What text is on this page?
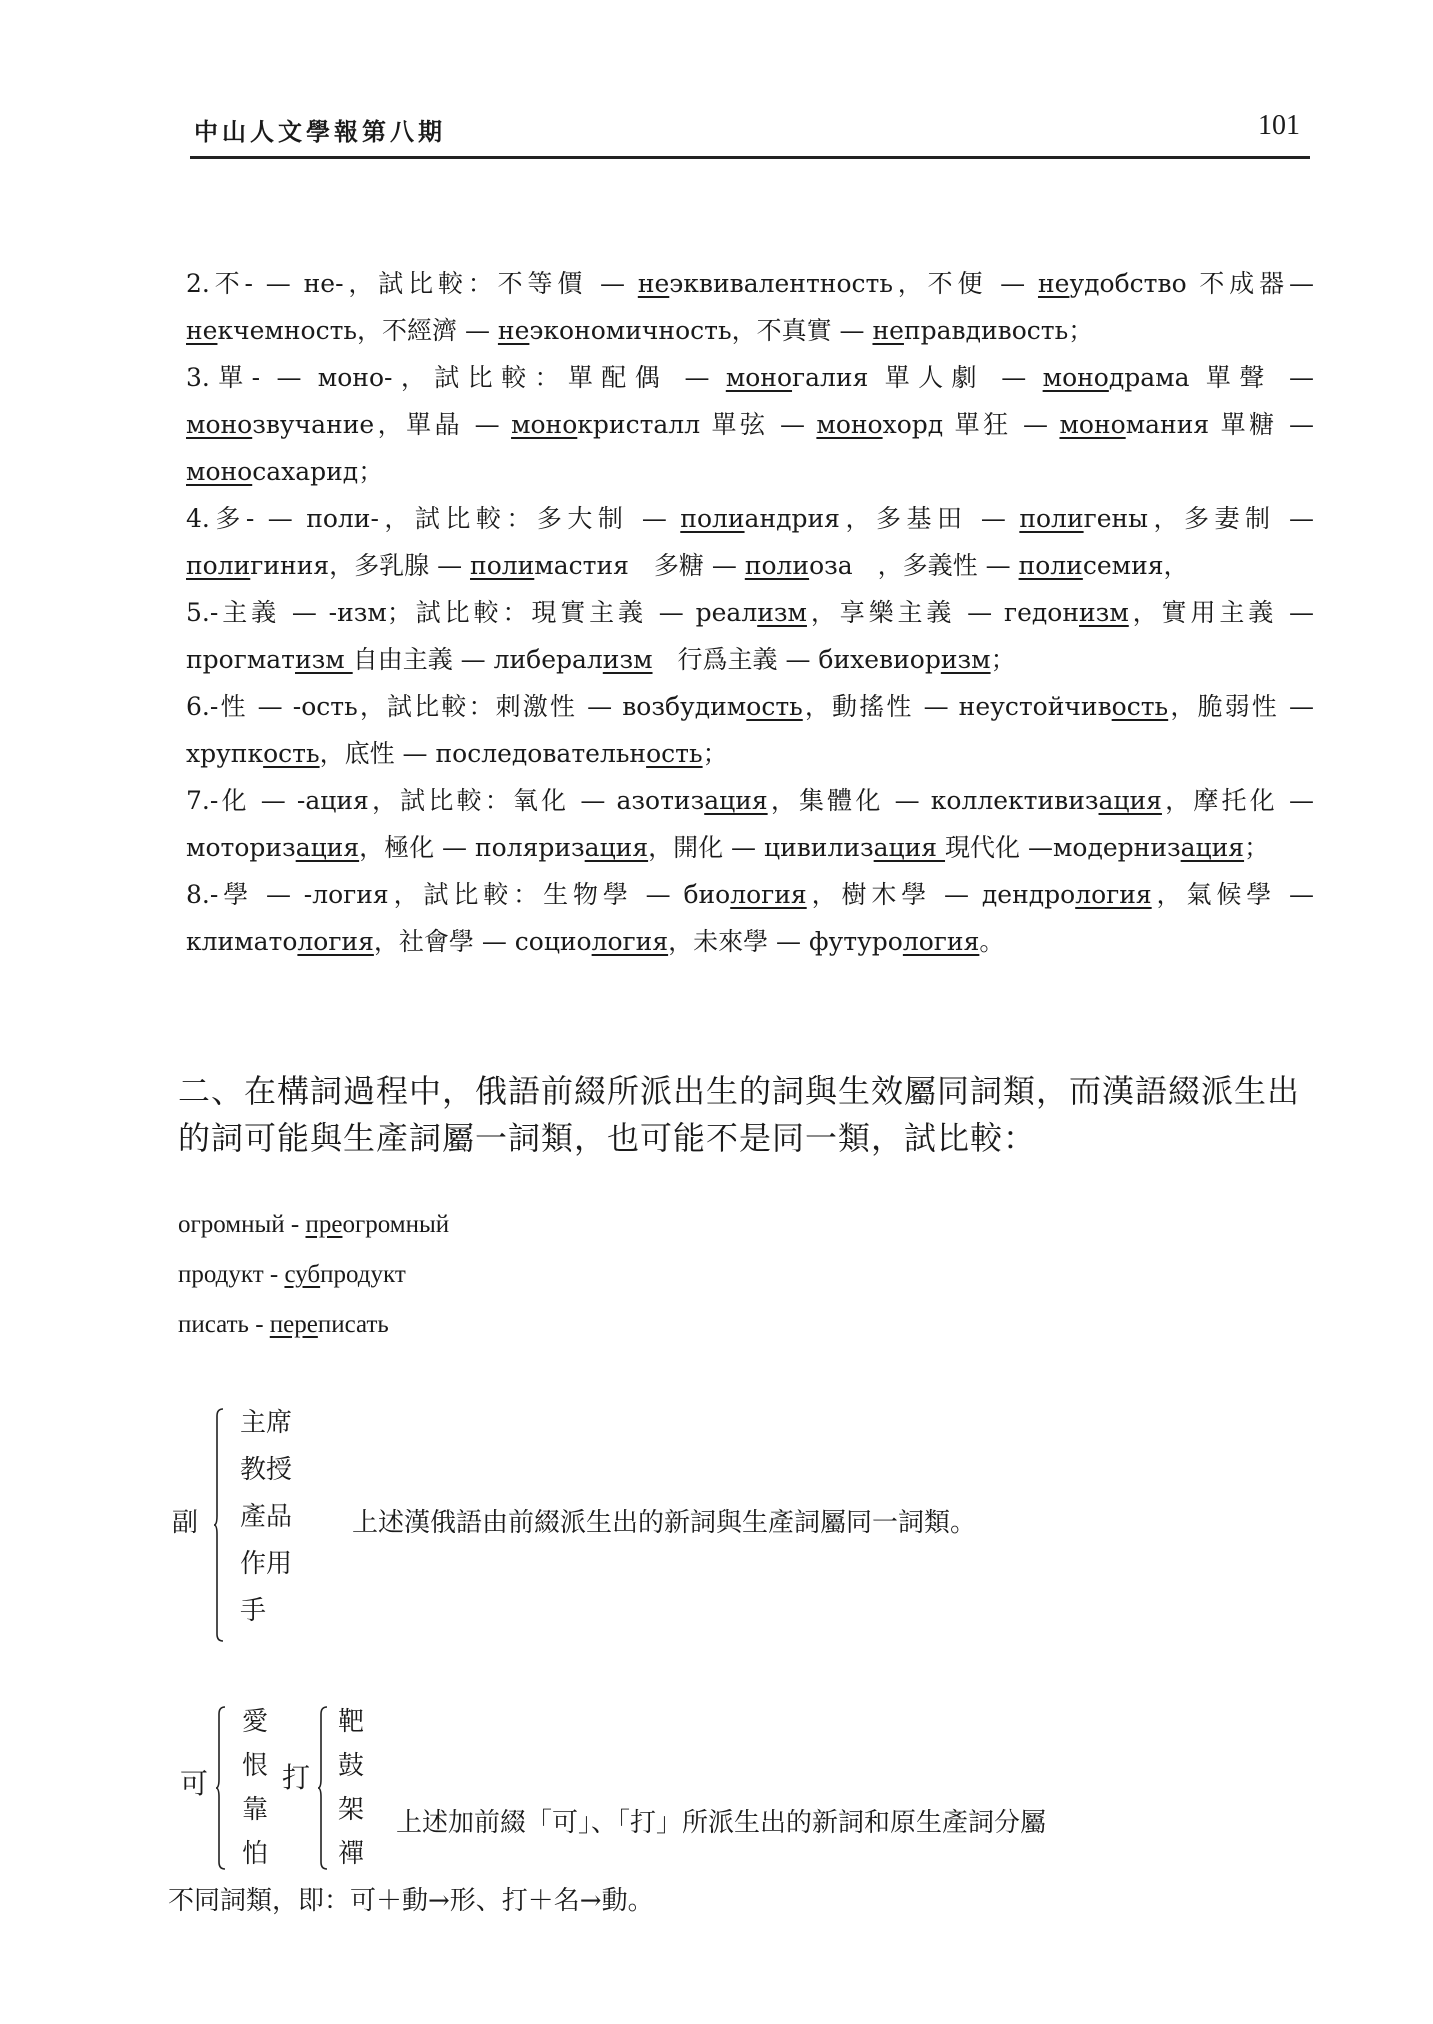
中山人文學報第八期	101

2.不- — не-，試比較：不等價 — неэквивалентность，不便 — неудобство 不成器— некчемность，不經濟 — неэкономичность，不真實 — неправдивость；

3.單- — моно-，試比較：單配偶 — моногалия 單人劇 — монодрама 單聲 — монозвучание，單晶 — монокристалл 單弦 — монохорд 單狂 — мономания 單糖 —моносахарид；

4.多- — поли-，試比較：多大制 — полиандрия，多基田 — полигены，多妻制 —полигиния，多乳腺 — полимастия　多糖 — полиоза　，多義性 — полисемия，

5.-主義 — -изм；試比較：現實主義 — реализм，享樂主義 — гедонизм，實用主義 — прогматизм 自由主義 — либерализм　行爲主義 — бихевиоризм；

6.-性 — -ость，試比較：刺激性 — возбудимость，動搖性 — неустойчивость，脆弱性 — хрупкость，底性 — последовательность；

7.-化 — -ация，試比較：氧化 — азотизация，集體化 — коллективизация，摩托化 — моторизация，極化 — поляризация，開化 — цивилизация 現代化 —модернизация；

8.-學 — -логия，試比較：生物學 — биология，樹木學 — дендрология，氣候學 —климатология，社會學 — социология，未來學 — футурология。

二、在構詞過程中，俄語前綴所派出生的詞與生效屬同詞類，而漢語綴派生出的詞可能與生產詞屬一詞類，也可能不是同一類，試比較：
огромный - преогромный
продукт - субпродукт
писать - переписать
副
主席
教授
產品
作用
手
上述漢俄語由前綴派生出的新詞與生產詞屬同一詞類。
可
愛
恨
靠
怕
打
靶
鼓
架
禪
上述加前綴「可」、「打」所派生出的新詞和原生產詞分屬
不同詞類，即：可＋動→形、打＋名→動。
